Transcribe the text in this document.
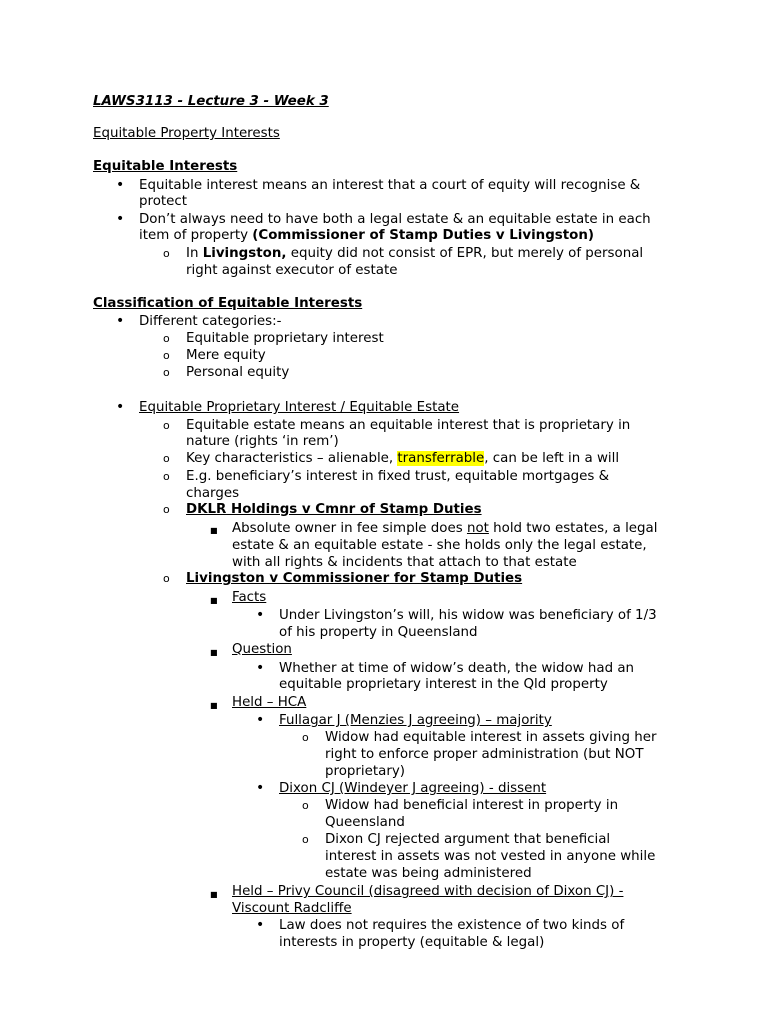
LAWS3113 - Lecture 3 - Week 3
Equitable Property Interests
Equitable Interests
• Equitable interest means an interest that a court of equity will recognise &
protect
• Don’t always need to have both a legal estate & an equitable estate in each
item of property (Commissioner of Stamp Duties v Livingston)
o In Livingston, equity did not consist of EPR, but merely of personal
right against executor of estate
Classification of Equitable Interests
• Different categories:-
o Equitable proprietary interest
o Mere equity
o Personal equity
• Equitable Proprietary Interest / Equitable Estate
o Equitable estate means an equitable interest that is proprietary in
nature (rights ‘in rem’)
o Key characteristics – alienable, transferrable, can be left in a will
o E.g. beneficiary’s interest in fixed trust, equitable mortgages &
charges
o DKLR Holdings v Cmnr of Stamp Duties
■ Absolute owner in fee simple does not hold two estates, a legal
estate & an equitable estate - she holds only the legal estate,
with all rights & incidents that attach to that estate
o Livingston v Commissioner for Stamp Duties
■ Facts
• Under Livingston’s will, his widow was beneficiary of 1/3
of his property in Queensland
■ Question
• Whether at time of widow’s death, the widow had an
equitable proprietary interest in the Qld property
■ Held – HCA
• Fullagar J (Menzies J agreeing) – majority
o Widow had equitable interest in assets giving her
right to enforce proper administration (but NOT
proprietary)
• Dixon CJ (Windeyer J agreeing) - dissent
o Widow had beneficial interest in property in
Queensland
o Dixon CJ rejected argument that beneficial
interest in assets was not vested in anyone while
estate was being administered
■ Held – Privy Council (disagreed with decision of Dixon CJ) -
Viscount Radcliffe
• Law does not requires the existence of two kinds of
interests in property (equitable & legal)
